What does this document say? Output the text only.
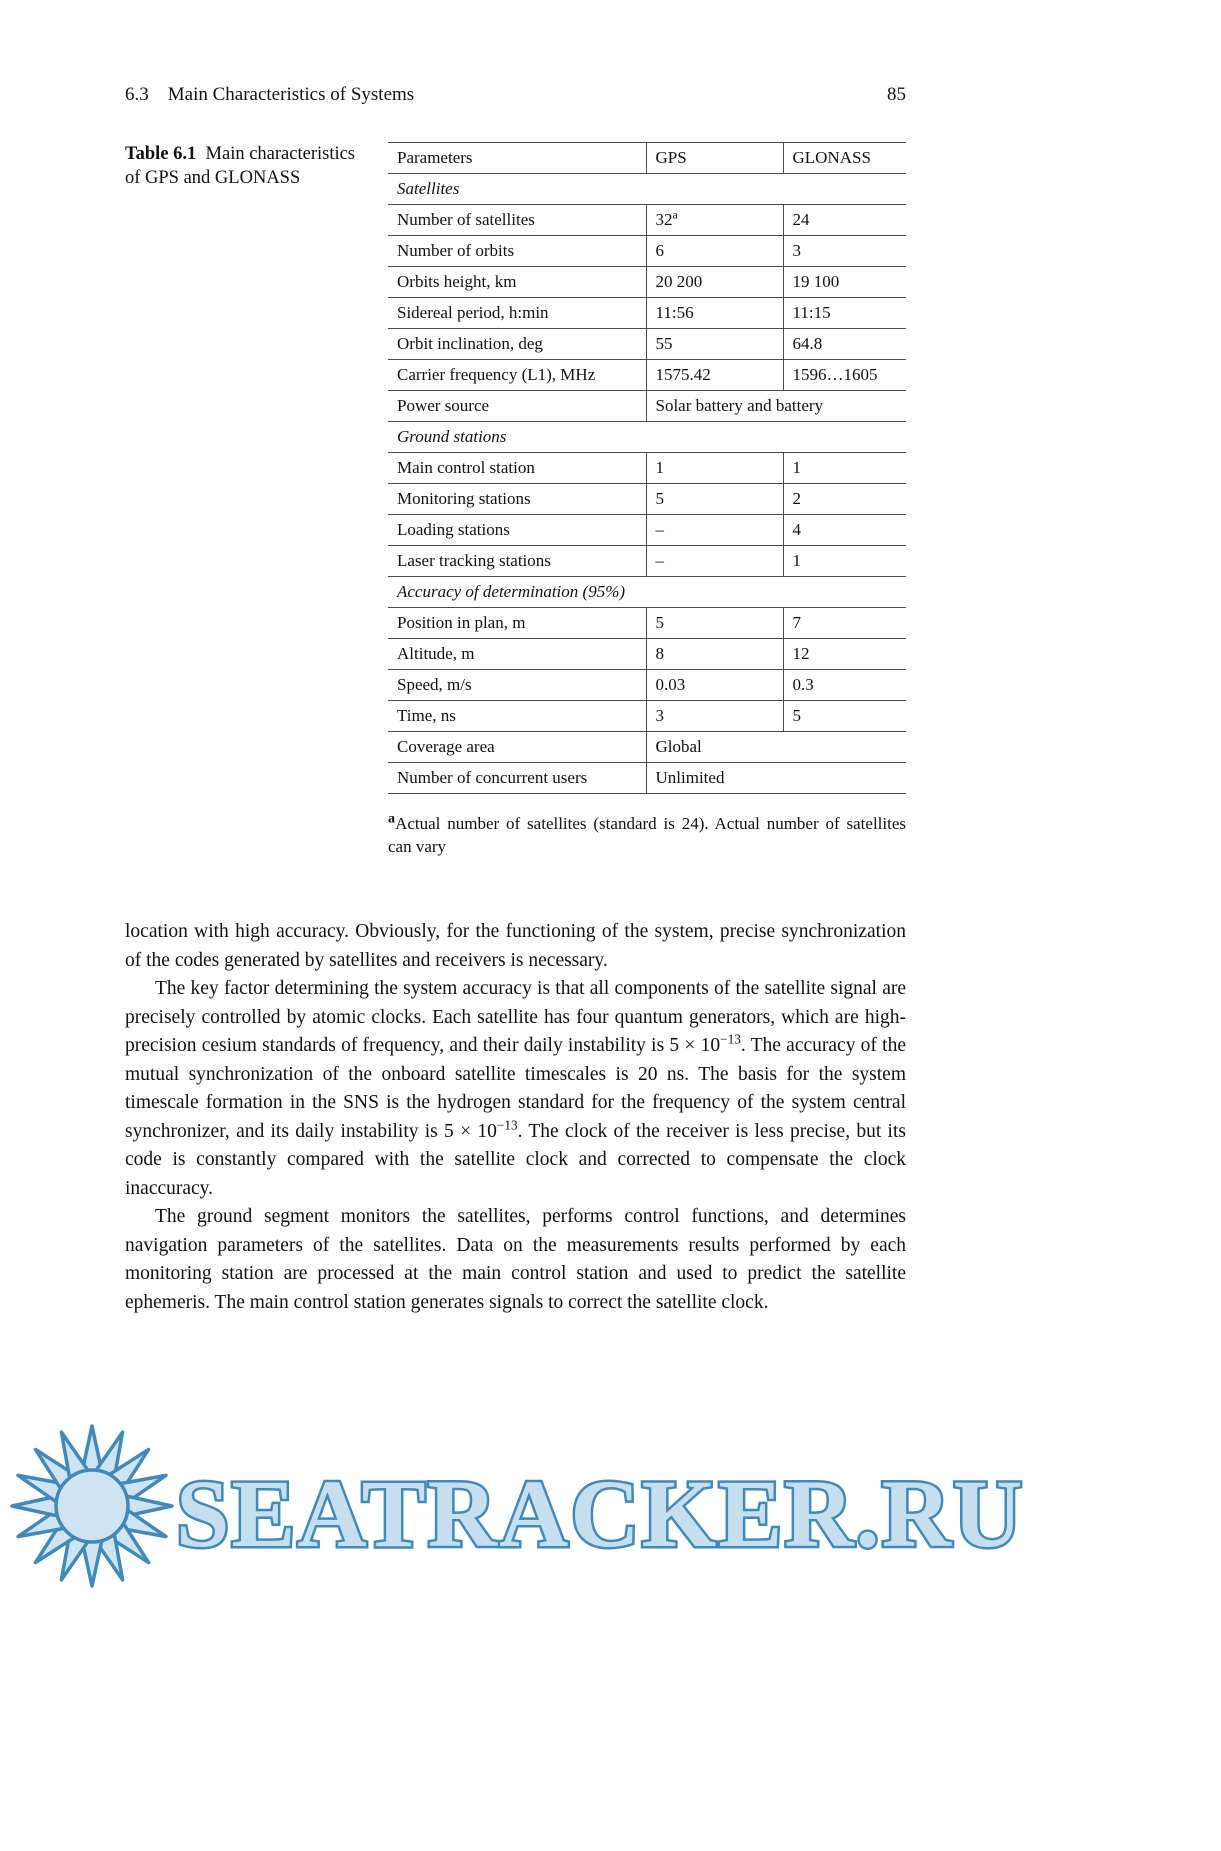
6.3 Main Characteristics of Systems	85
Table 6.1 Main characteristics of GPS and GLONASS
Parameters	GPS	GLONASS
Satellites		
Number of satellites	32$^a$	24
Number of orbits	6	3
Orbits height, km	20 200	19 100
Sidereal period, h:min	11:56	11:15
Orbit inclination, deg	55	64.8
Carrier frequency (L1), MHz	1575.42	1596…1605
Power source	Solar battery and battery	
Ground stations		
Main control station	1	1
Monitoring stations	5	2
Loading stations	–	4
Laser tracking stations	–	1
Accuracy of determination (95%)		
Position in plan, m	5	7
Altitude, m	8	12
Speed, m/s	0.03	0.3
Time, ns	3	5
Coverage area	Global	
Number of concurrent users	Unlimited	
$^a$Actual number of satellites (standard is 24). Actual number of satellites can vary

location with high accuracy. Obviously, for the functioning of the system, precise synchronization of the codes generated by satellites and receivers is necessary.

The key factor determining the system accuracy is that all components of the satellite signal are precisely controlled by atomic clocks. Each satellite has four quantum generators, which are high-precision cesium standards of frequency, and their daily instability is $5 \times 10^{-13}$. The accuracy of the mutual synchronization of the onboard satellite timescales is 20 ns. The basis for the system timescale formation in the SNS is the hydrogen standard for the frequency of the system central synchronizer, and its daily instability is $5 \times 10^{-13}$. The clock of the receiver is less precise, but its code is constantly compared with the satellite clock and corrected to compensate the clock inaccuracy.

The ground segment monitors the satellites, performs control functions, and determines navigation parameters of the satellites. Data on the measurements results performed by each monitoring station are processed at the main control station and used to predict the satellite ephemeris. The main control station generates signals to correct the satellite clock.

SEATRACKER.RU
